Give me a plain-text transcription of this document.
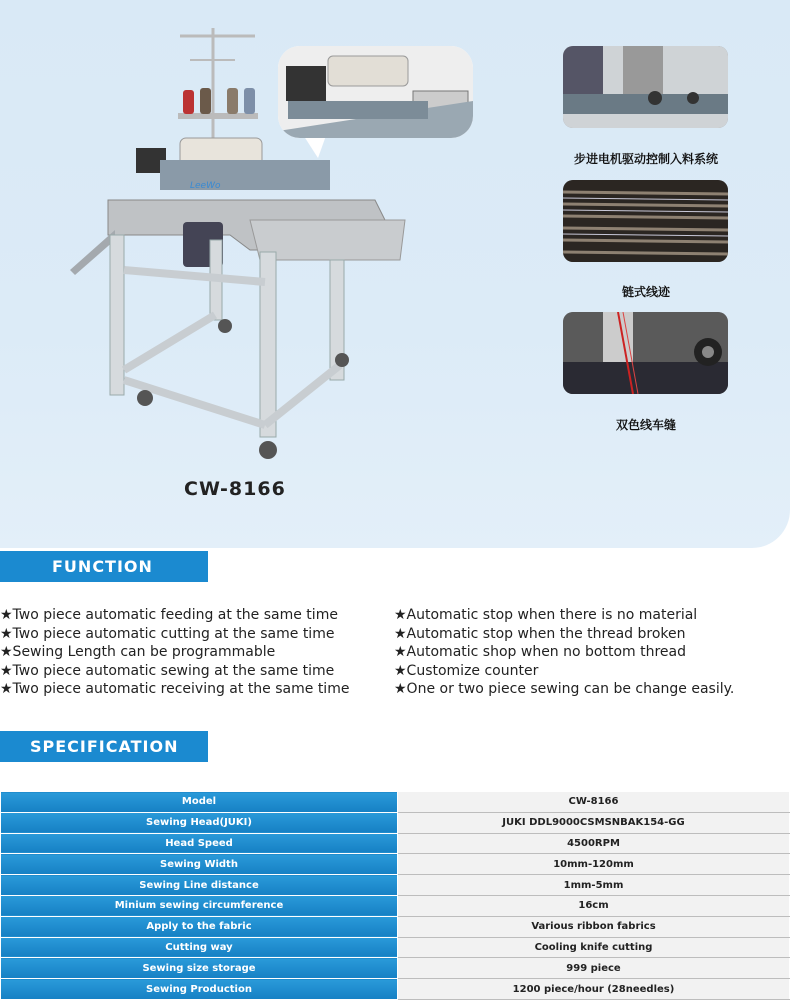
LeeWo
CW-8166
步进电机驱动控制入料系统
链式线迹
双色线车缝
FUNCTION
★Two piece automatic feeding at the same time
★Two piece automatic cutting at the same time
★Sewing Length can be programmable
★Two piece automatic sewing at the same time
★Two piece automatic receiving at the same time
★Automatic stop when there is no material
★Automatic stop when the thread broken
★Automatic shop when no bottom thread
★Customize counter
★One or two piece sewing can be change easily.
SPECIFICATION
Model	CW-8166
Sewing Head(JUKI)	JUKI DDL9000CSMSNBAK154-GG
Head Speed	4500RPM
Sewing Width	10mm-120mm
Sewing Line distance	1mm-5mm
Minium sewing circumference	16cm
Apply to the fabric	Various ribbon fabrics
Cutting way	Cooling knife cutting
Sewing size storage	999 piece
Sewing Production	1200 piece/hour (28needles)
